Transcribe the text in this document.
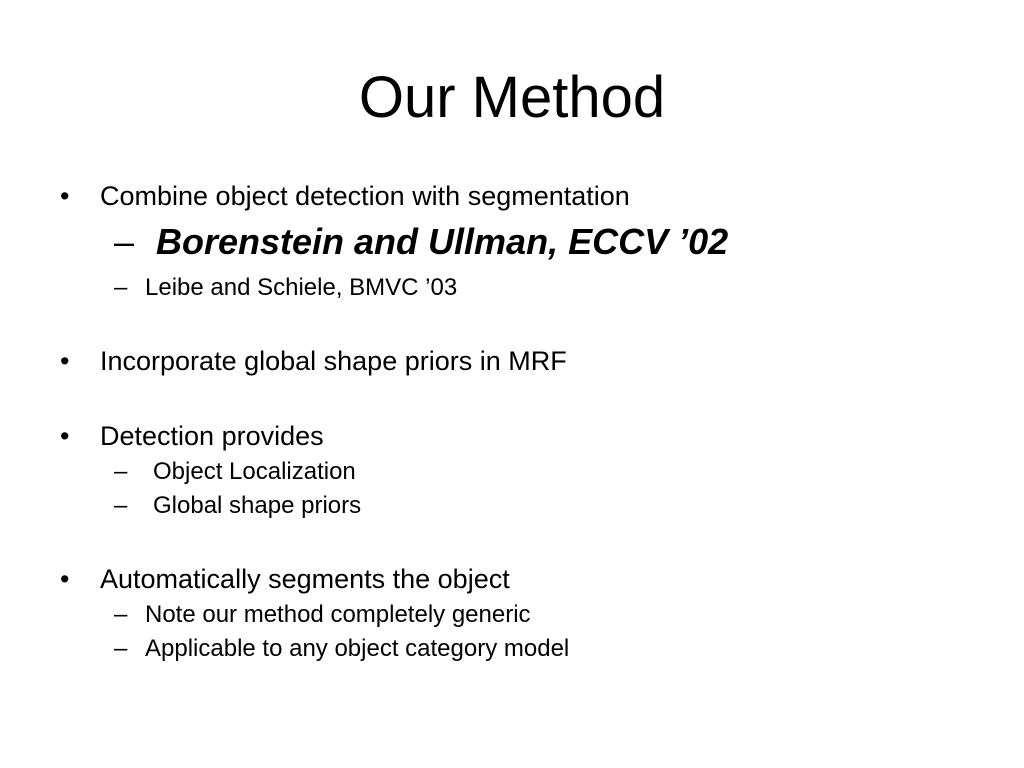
Our Method
• Combine object detection with segmentation
– Borenstein and Ullman, ECCV ’02
– Leibe and Schiele, BMVC ’03
• Incorporate global shape priors in MRF
• Detection provides
– Object Localization
– Global shape priors
• Automatically segments the object
– Note our method completely generic
– Applicable to any object category model
